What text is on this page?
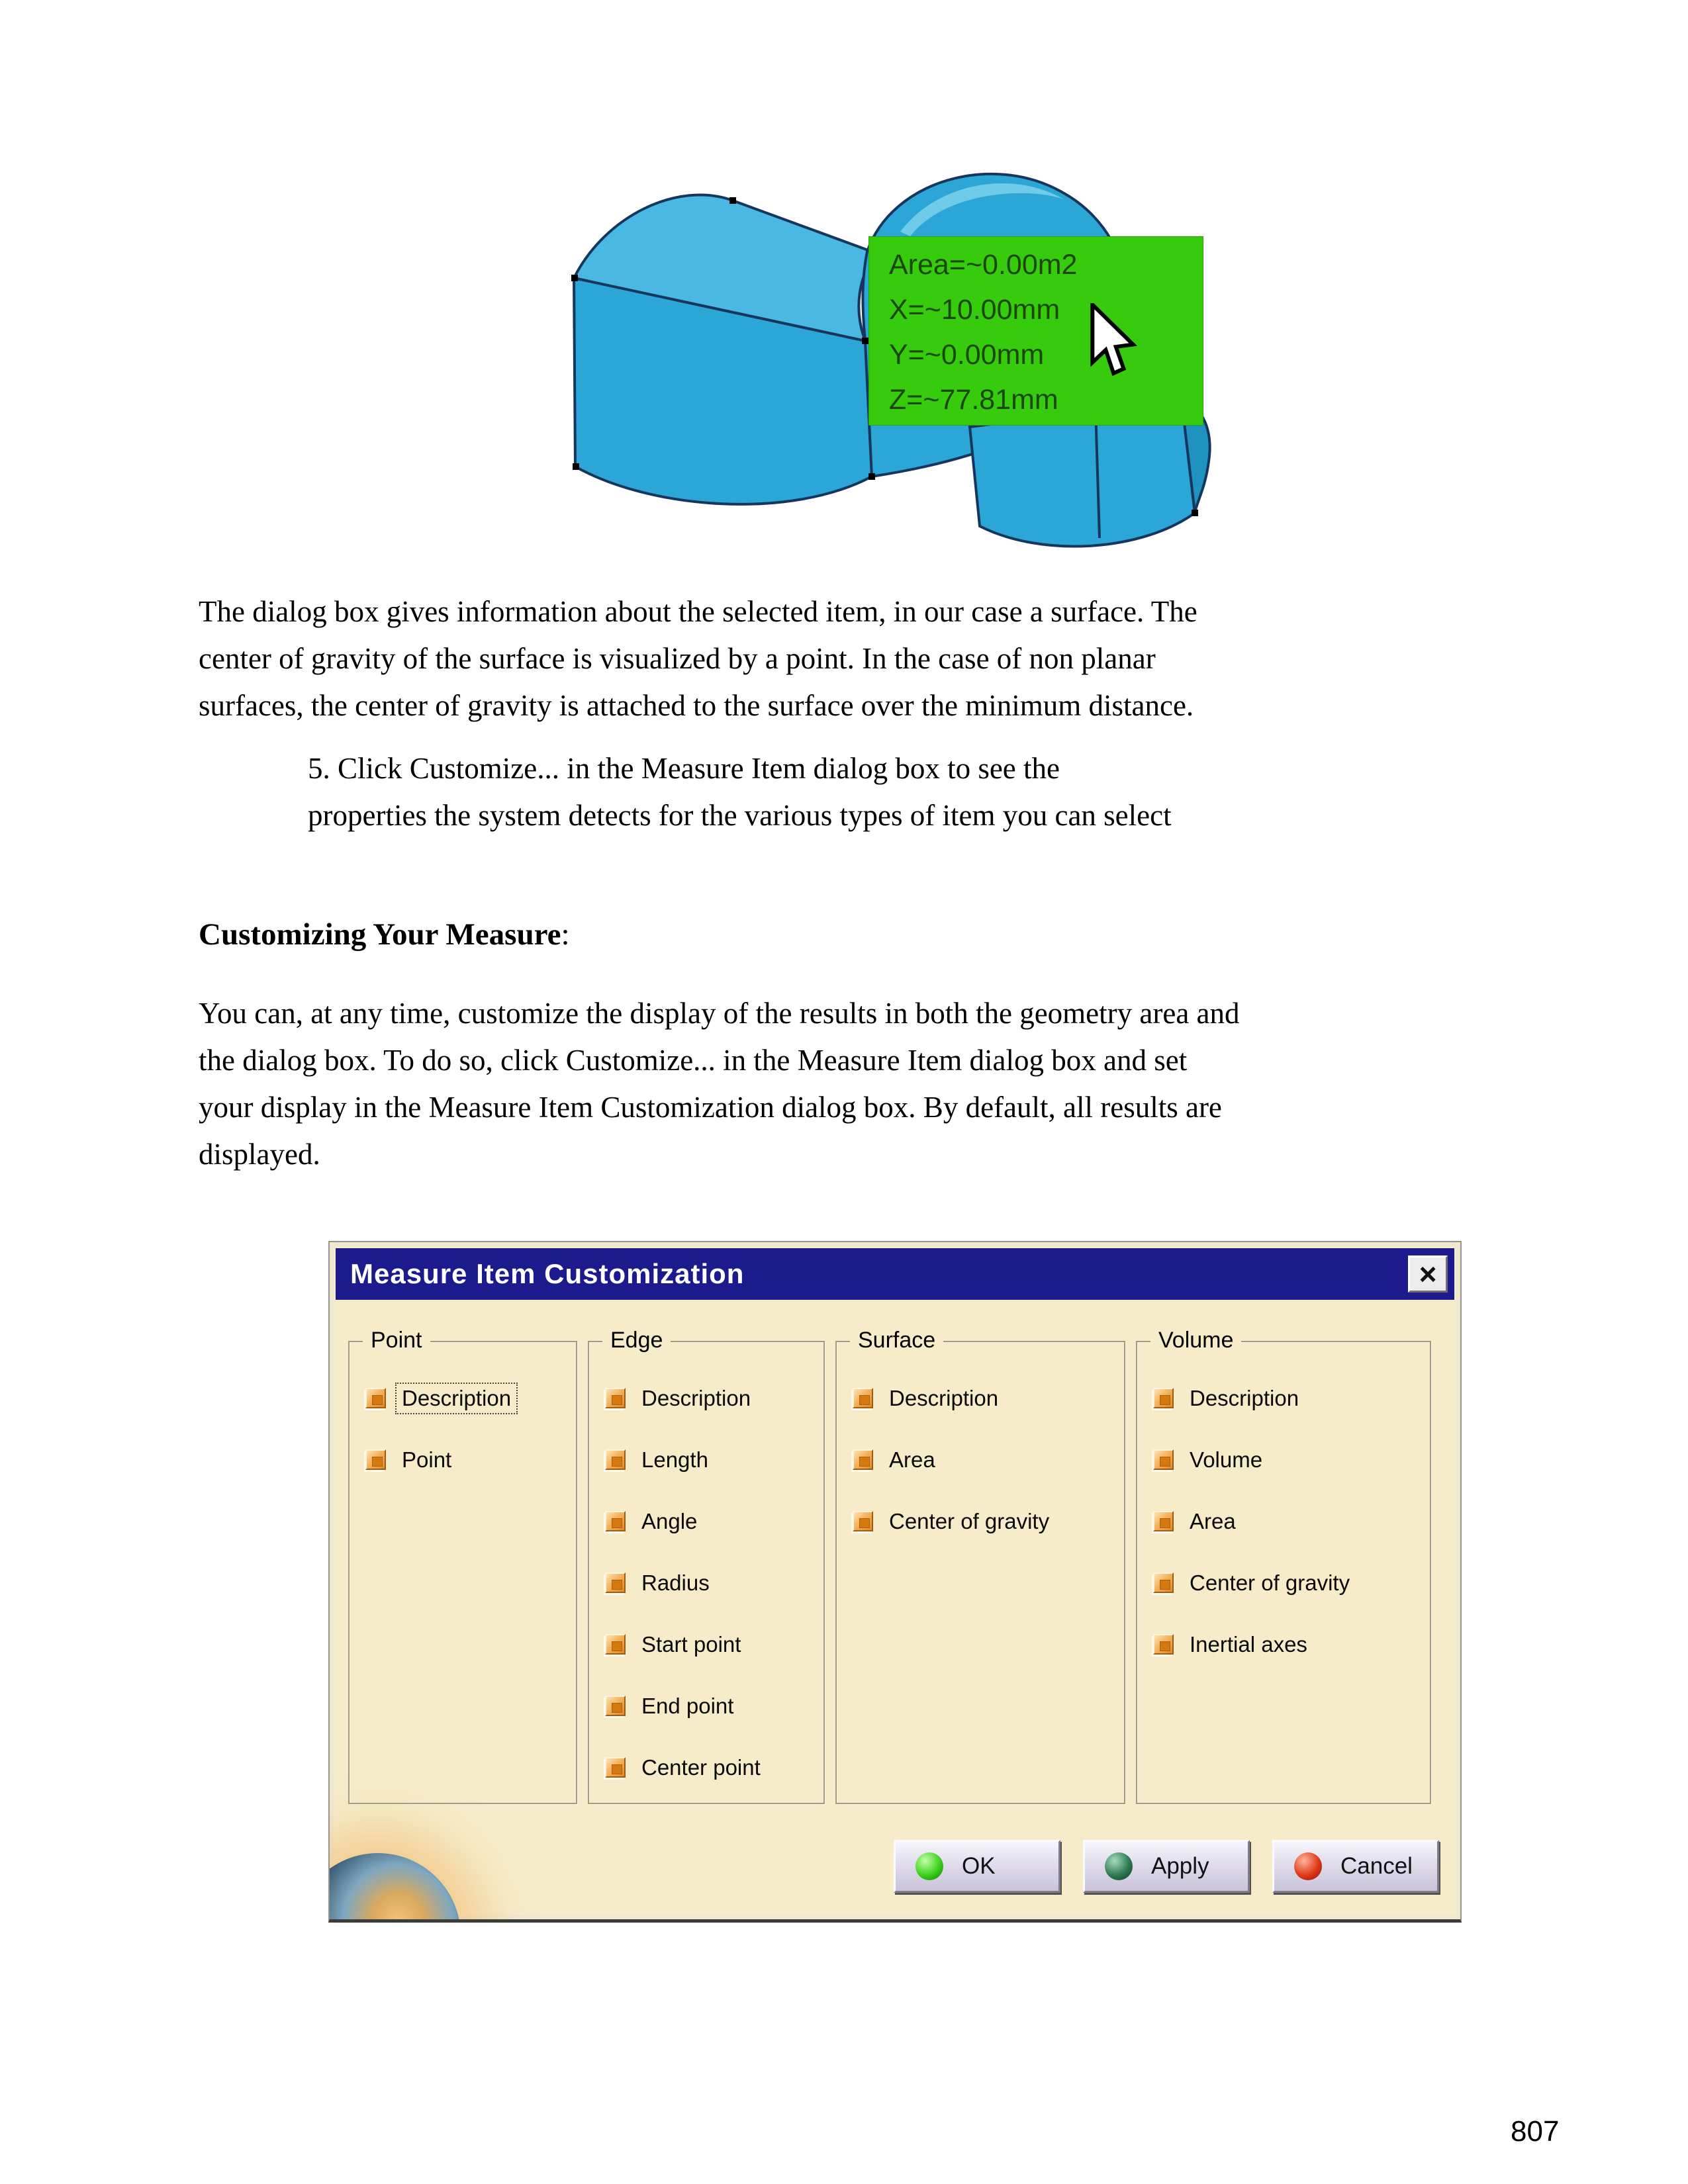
Area=~0.00m2
X=~10.00mm
Y=~0.00mm
Z=~77.81mm
The dialog box gives information about the selected item, in our case a surface. The
center of gravity of the surface is visualized by a point. In the case of non planar
surfaces, the center of gravity is attached to the surface over the minimum distance.
5. Click Customize... in the Measure Item dialog box to see the
properties the system detects for the various types of item you can select
Customizing Your Measure:
You can, at any time, customize the display of the results in both the geometry area and
the dialog box. To do so, click Customize... in the Measure Item dialog box and set
your display in the Measure Item Customization dialog box. By default, all results are
displayed.
Measure Item Customization	×
Point
Description
Point
Edge
Description
Length
Angle
Radius
Start point
End point
Center point
Surface
Description
Area
Center of gravity
Volume
Description
Volume
Area
Center of gravity
Inertial axes
OK	Apply	Cancel
807
